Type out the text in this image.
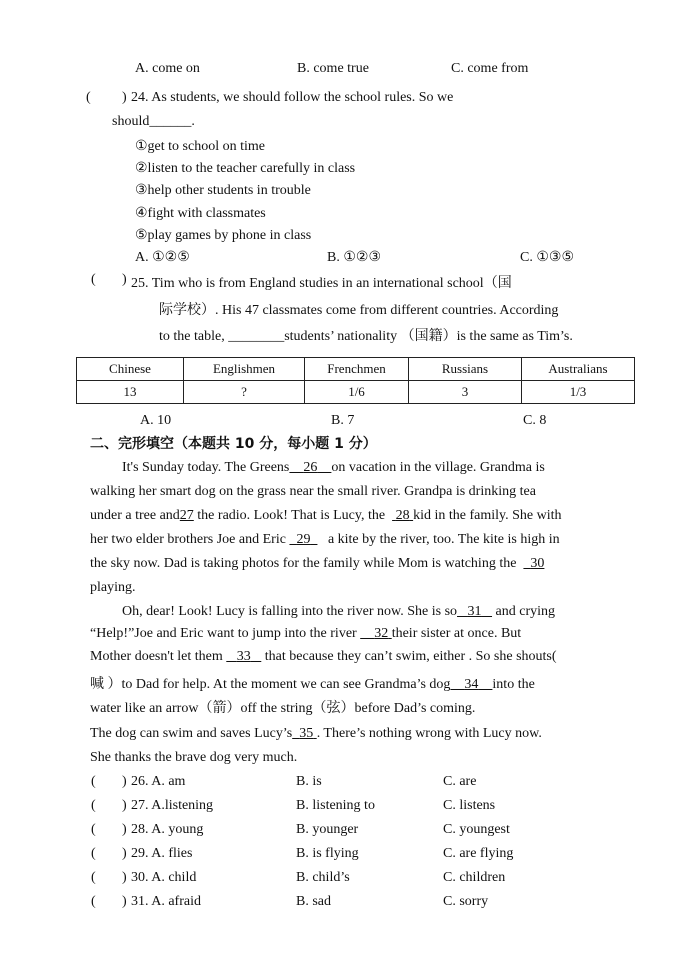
A. come on	B. come true	C. come from
( ) 24. As students, we should follow the school rules. So we
should______.
①get to school on time
②listen to the teacher carefully in class
③help other students in trouble
④fight with classmates
⑤play games by phone in class
A. ①②⑤	B. ①②③	C. ①③⑤
( ) 25. Tim who is from England studies in an international school（国
际学校）. His 47 classmates come from different countries. According
to the table, ________students’ nationality （国籍）is the same as Tim’s.
Chinese	Englishmen	Frenchmen	Russians	Australians
13	?	1/6	3	1/3
A. 10	B. 7	C. 8
二、完形填空（本题共 10 分，每小题 1 分）
It's Sunday today. The Greens 26 on vacation in the village. Grandma is
walking her smart dog on the grass near the small river. Grandpa is drinking tea
under a tree and27 the radio. Look! That is Lucy, the 28 kid in the family. She with
her two elder brothers Joe and Eric 29 a kite by the river, too. The kite is high in
the sky now. Dad is taking photos for the family while Mom is watching the 30
playing.
Oh, dear! Look! Lucy is falling into the river now. She is so 31 and crying
“Help!”Joe and Eric want to jump into the river 32 their sister at once. But
Mother doesn't let them 33 that because they can’t swim, either . So she shouts(
喊 ）to Dad for help. At the moment we can see Grandma’s dog 34 into the
water like an arrow（箭）off the string（弦）before Dad’s coming.
The dog can swim and saves Lucy’s 35 . There’s nothing wrong with Lucy now.
She thanks the brave dog very much.
( ) 26. A. am	B. is	C. are
( ) 27. A.listening	B. listening to	C. listens
( ) 28. A. young	B. younger	C. youngest
( ) 29. A. flies	B. is flying	C. are flying
( ) 30. A. child	B. child’s	C. children
( ) 31. A. afraid	B. sad	C. sorry
